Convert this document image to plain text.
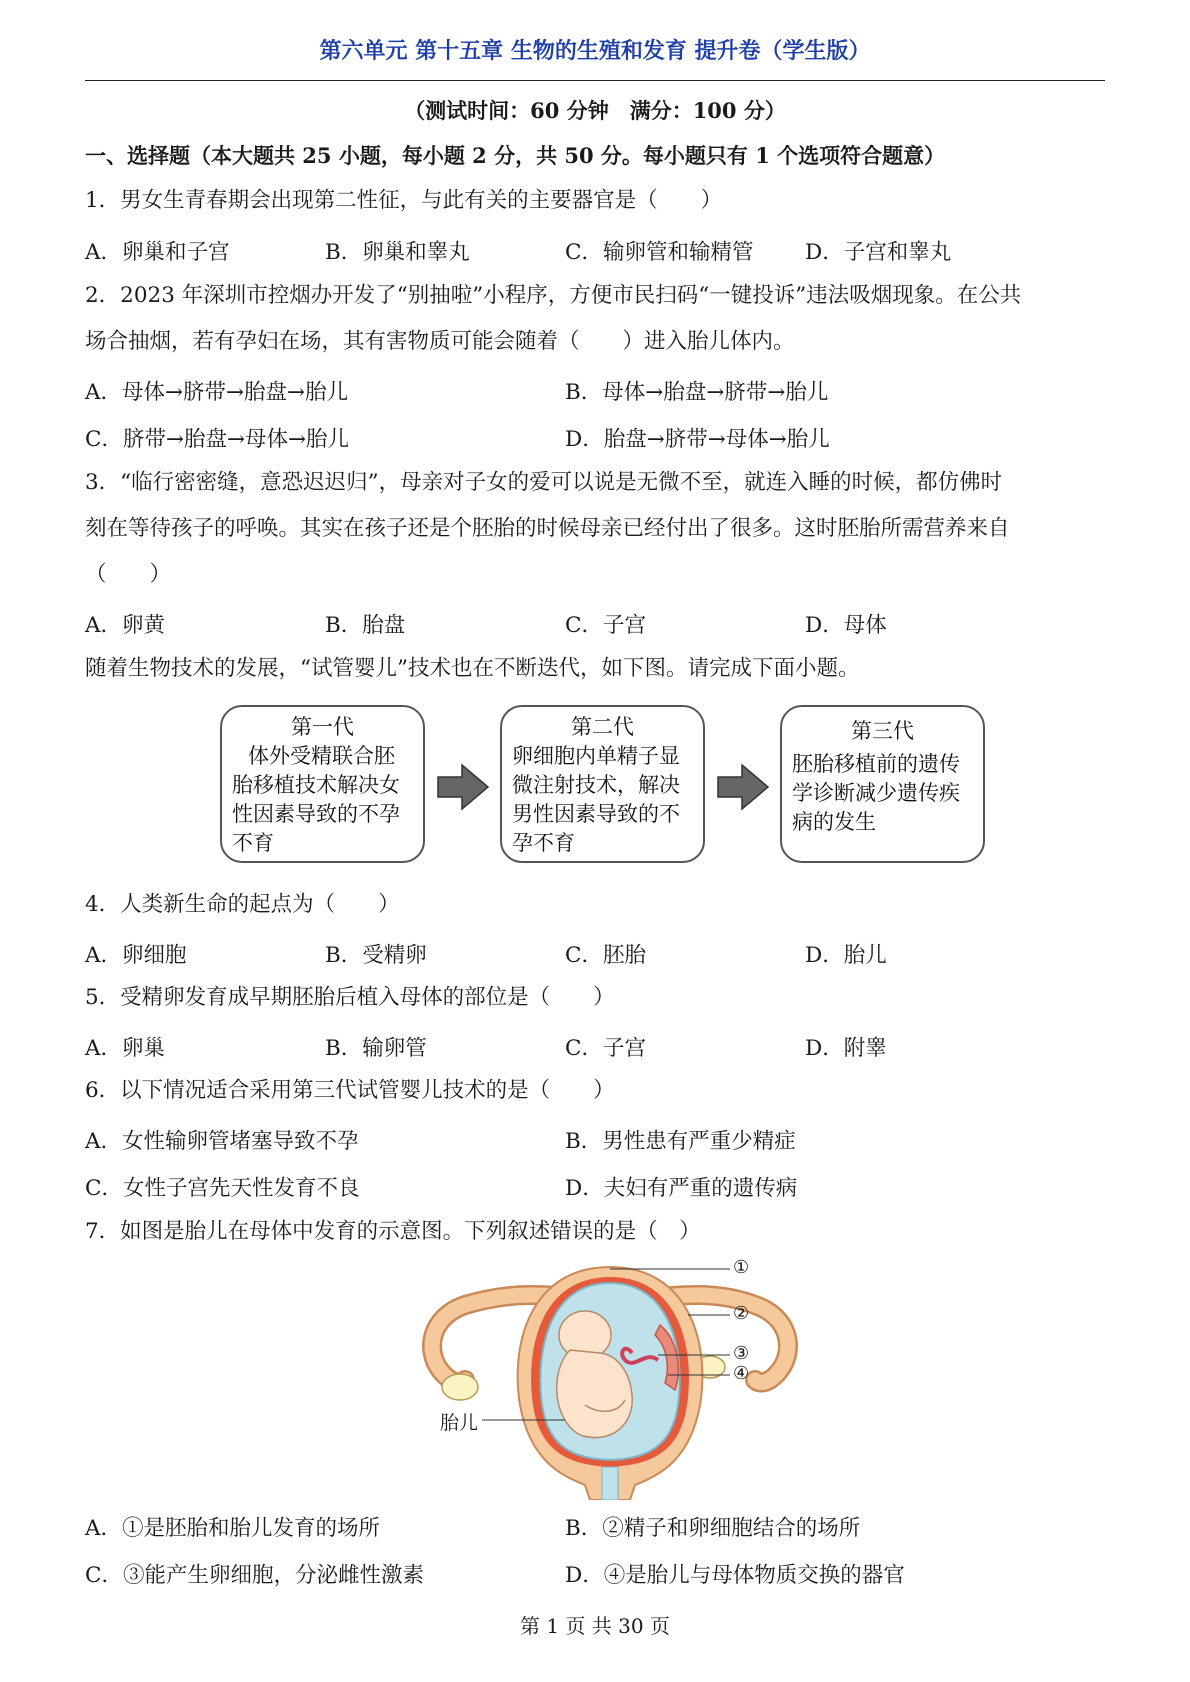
第六单元 第十五章 生物的生殖和发育 提升卷（学生版）
（测试时间：60 分钟　满分：100 分）
一、选择题（本大题共 25 小题，每小题 2 分，共 50 分。每小题只有 1 个选项符合题意）
1．男女生青春期会出现第二性征，与此有关的主要器官是（　　）
A．卵巢和子宫	B．卵巢和睾丸	C．输卵管和输精管 D．子宫和睾丸
2．2023 年深圳市控烟办开发了“别抽啦”小程序，方便市民扫码“一键投诉”违法吸烟现象。在公共
场合抽烟，若有孕妇在场，其有害物质可能会随着（　　）进入胎儿体内。
A．母体→脐带→胎盘→胎儿	B．母体→胎盘→脐带→胎儿
C．脐带→胎盘→母体→胎儿	D．胎盘→脐带→母体→胎儿
3．“临行密密缝，意恐迟迟归”，母亲对子女的爱可以说是无微不至，就连入睡的时候，都仿佛时
刻在等待孩子的呼唤。其实在孩子还是个胚胎的时候母亲已经付出了很多。这时胚胎所需营养来自
（　　）
A．卵黄	B．胎盘	C．子宫	D．母体
随着生物技术的发展，“试管婴儿”技术也在不断迭代，如下图。请完成下面小题。
第一代
体外受精联合胚
胎移植技术解决女
性因素导致的不孕
不育
第二代
卵细胞内单精子显
微注射技术，解决
男性因素导致的不
孕不育
第三代
胚胎移植前的遗传
学诊断减少遗传疾
病的发生
4．人类新生命的起点为（　　）
A．卵细胞	B．受精卵	C．胚胎	D．胎儿
5．受精卵发育成早期胚胎后植入母体的部位是（　　）
A．卵巢	B．输卵管	C．子宫	D．附睾
6．以下情况适合采用第三代试管婴儿技术的是（　　）
A．女性输卵管堵塞导致不孕	B．男性患有严重少精症
C．女性子宫先天性发育不良	D．夫妇有严重的遗传病
7．如图是胎儿在母体中发育的示意图。下列叙述错误的是（　）
①
②
③
④
胎儿
A．①是胚胎和胎儿发育的场所	B．②精子和卵细胞结合的场所
C．③能产生卵细胞，分泌雌性激素	D．④是胎儿与母体物质交换的器官
第 1 页 共 30 页
